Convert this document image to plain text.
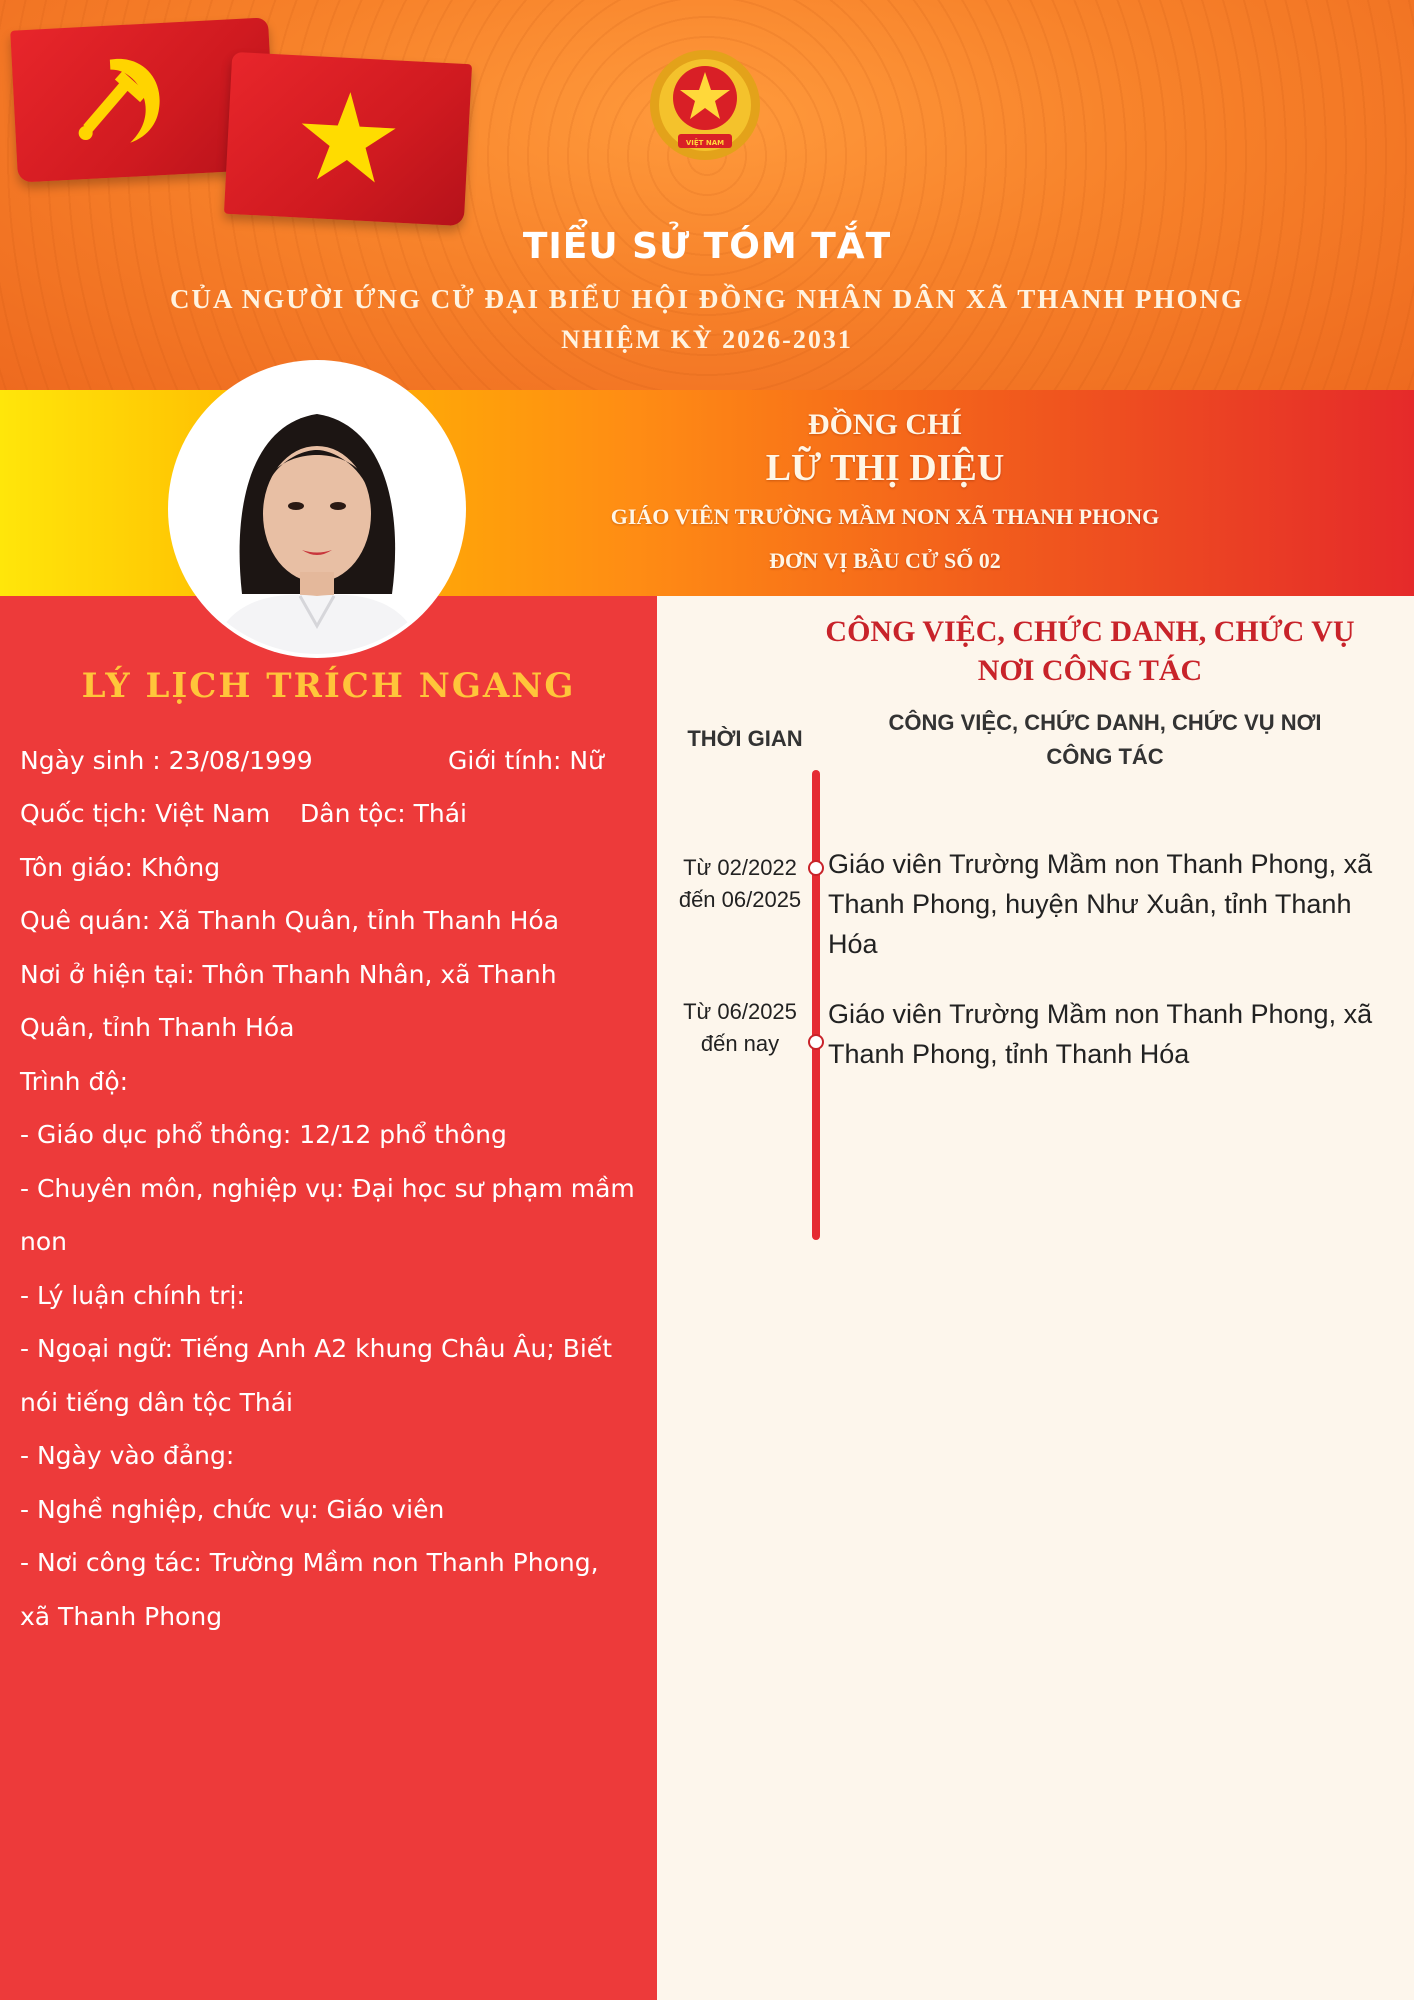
VIỆT NAM
TIỂU SỬ TÓM TẮT
CỦA NGƯỜI ỨNG CỬ ĐẠI BIỂU HỘI ĐỒNG NHÂN DÂN XÃ THANH PHONG
NHIỆM KỲ 2026-2031
ĐỒNG CHÍ
LỮ THỊ DIỆU
GIÁO VIÊN TRƯỜNG MẦM NON XÃ THANH PHONG
ĐƠN VỊ BẦU CỬ SỐ 02
LÝ LỊCH TRÍCH NGANG
Ngày sinh : 23/08/1999	Giới tính: Nữ
Quốc tịch: Việt Nam Dân tộc: Thái
Tôn giáo: Không
Quê quán: Xã Thanh Quân, tỉnh Thanh Hóa
Nơi ở hiện tại: Thôn Thanh Nhân, xã Thanh
Quân, tỉnh Thanh Hóa
Trình độ:
- Giáo dục phổ thông: 12/12 phổ thông
- Chuyên môn, nghiệp vụ: Đại học sư phạm mầm
non
- Lý luận chính trị:
- Ngoại ngữ: Tiếng Anh A2 khung Châu Âu; Biết
nói tiếng dân tộc Thái
- Ngày vào đảng:
- Nghề nghiệp, chức vụ: Giáo viên
- Nơi công tác: Trường Mầm non Thanh Phong,
xã Thanh Phong
CÔNG VIỆC, CHỨC DANH, CHỨC VỤ
NƠI CÔNG TÁC
THỜI GIAN
CÔNG VIỆC, CHỨC DANH, CHỨC VỤ NƠI
CÔNG TÁC
Từ 02/2022
đến 06/2025
Giáo viên Trường Mầm non Thanh Phong, xã
Thanh Phong, huyện Như Xuân, tỉnh Thanh
Hóa
Từ 06/2025
đến nay
Giáo viên Trường Mầm non Thanh Phong, xã
Thanh Phong, tỉnh Thanh Hóa
